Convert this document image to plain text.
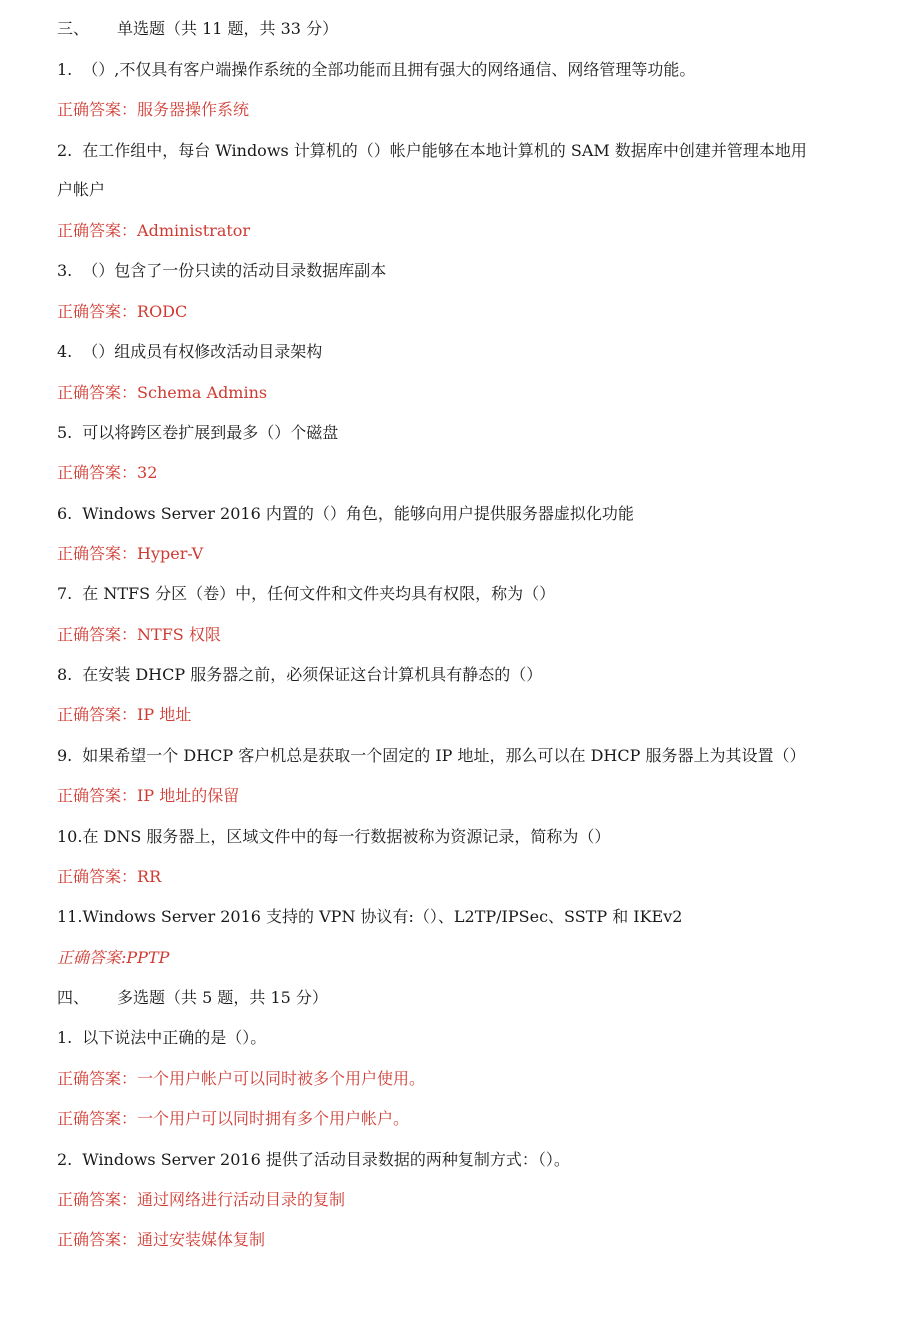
三、 单选题（共 11 题，共 33 分）
1. （）,不仅具有客户端操作系统的全部功能而且拥有强大的网络通信、网络管理等功能。
正确答案：服务器操作系统
2. 在工作组中，每台 Windows 计算机的（）帐户能够在本地计算机的 SAM 数据库中创建并管理本地用
户帐户
正确答案：Administrator
3. （）包含了一份只读的活动目录数据库副本
正确答案：RODC
4. （）组成员有权修改活动目录架构
正确答案：Schema Admins
5. 可以将跨区卷扩展到最多（）个磁盘
正确答案：32
6. Windows Server 2016 内置的（）角色，能够向用户提供服务器虚拟化功能
正确答案：Hyper-V
7. 在 NTFS 分区（卷）中，任何文件和文件夹均具有权限，称为（）
正确答案：NTFS 权限
8. 在安装 DHCP 服务器之前，必须保证这台计算机具有静态的（）
正确答案：IP 地址
9. 如果希望一个 DHCP 客户机总是获取一个固定的 IP 地址，那么可以在 DHCP 服务器上为其设置（）
正确答案：IP 地址的保留
10.在 DNS 服务器上，区域文件中的每一行数据被称为资源记录，简称为（）
正确答案：RR
11.Windows Server 2016 支持的 VPN 协议有:（）、L2TP/IPSec、SSTP 和 IKEv2
正确答案:PPTP
四、 多选题（共 5 题，共 15 分）
1. 以下说法中正确的是（）。
正确答案：一个用户帐户可以同时被多个用户使用。
正确答案：一个用户可以同时拥有多个用户帐户。
2. Windows Server 2016 提供了活动目录数据的两种复制方式：（）。
正确答案：通过网络进行活动目录的复制
正确答案：通过安装媒体复制
